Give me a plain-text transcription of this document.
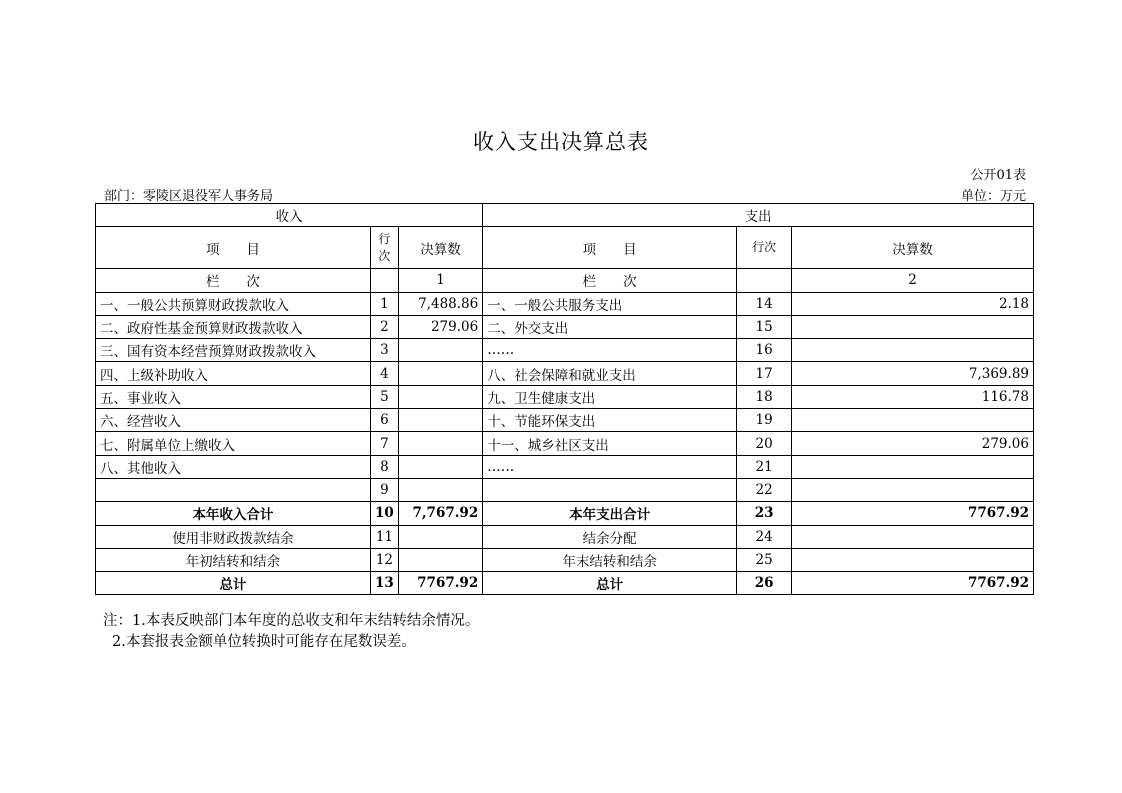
收入支出决算总表
公开01表
部门：零陵区退役军人事务局	单位：万元
收入			支出		
项　　目	行次	决算数	项　　目	行次	决算数
栏　　次		1	栏　　次		2
一、一般公共预算财政拨款收入	1	7,488.86	一、一般公共服务支出	14	2.18
二、政府性基金预算财政拨款收入	2	279.06	二、外交支出	15	
三、国有资本经营预算财政拨款收入	3		……	16	
四、上级补助收入	4		八、社会保障和就业支出	17	7,369.89
五、事业收入	5		九、卫生健康支出	18	116.78
六、经营收入	6		十、节能环保支出	19	
七、附属单位上缴收入	7		十一、城乡社区支出	20	279.06
八、其他收入	8		……	21	
	9			22	
本年收入合计	10	7,767.92	本年支出合计	23	7767.92
使用非财政拨款结余	11		结余分配	24	
年初结转和结余	12		年末结转和结余	25	
总计	13	7767.92	总计	26	7767.92
注：1.本表反映部门本年度的总收支和年末结转结余情况。
2.本套报表金额单位转换时可能存在尾数误差。
